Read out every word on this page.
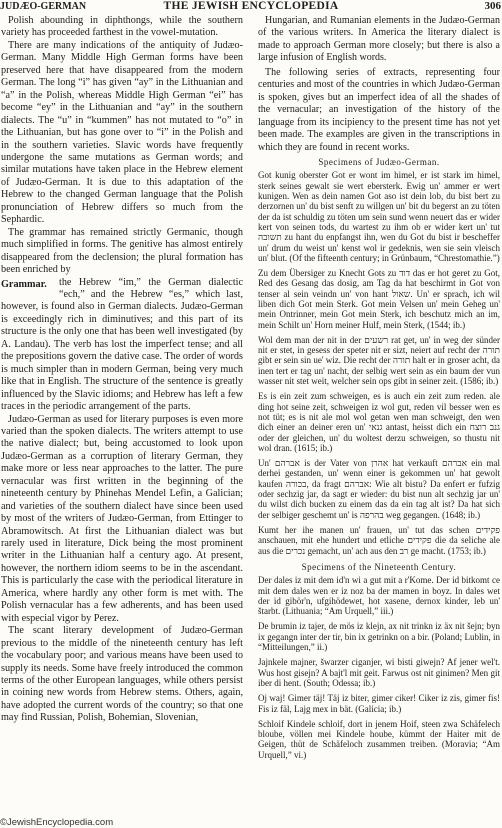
JUDÆO-GERMAN	THE JEWISH ENCYCLOPEDIA	306

Polish abounding in diphthongs, while the southern variety has proceeded farthest in the vowel-mutation.

There are many indications of the antiquity of Judæo-German. Many Middle High German forms have been preserved here that have disappeared from the modern German. The long “i” has given “ay” in the Lithuanian and “a” in the Polish, whereas Middle High German “ei” has become “ey” in the Lithuanian and “ay” in the southern dialects. The “u” in “kummen” has not mutated to “o” in the Lithuanian, but has gone over to “i” in the Polish and in the southern varieties. Slavic words have frequently undergone the same mutations as German words; and similar mutations have taken place in the Hebrew element of Judæo-German. It is due to this adaptation of the Hebrew to the changed German language that the Polish pronunciation of Hebrew differs so much from the Sephardic.

The grammar has remained strictly Germanic, though much simplified in forms. The genitive has almost entirely disappeared from the declension; the plural formation has been enriched by

Grammar.	the Hebrew “im,” the German dialectic “ech,” and the Hebrew “es,” which last, however, is found also in German dialects. Judæo-German is exceedingly rich in diminutives; and this part of its structure is the only one that has been well investigated (by A. Landau). The verb has lost the imperfect tense; and all the prepositions govern the dative case. The order of words is much simpler than in modern German, being very much like that in English. The structure of the sentence is greatly influenced by the Slavic idioms; and Hebrew has left a few traces in the periodic arrangement of the parts.

Judæo-German as used for literary purposes is even more varied than the spoken dialects. The writers attempt to use the native dialect; but, being accustomed to look upon Judæo-German as a corruption of literary German, they make more or less near approaches to the latter. The pure vernacular was first written in the beginning of the nineteenth century by Phinehas Mendel Lefin, a Galician; and varieties of the southern dialect have since been used by most of the writers of Judæo-German, from Ettinger to Abramowitsch. At first the Lithuanian dialect was but rarely used in literature, Dick being the most prominent writer in the Lithuanian half a century ago. At present, however, the northern idiom seems to be in the ascendant. This is particularly the case with the periodical literature in America, where hardly any other form is met with. The Polish vernacular has a few adherents, and has been used with especial vigor by Perez.

The scant literary development of Judæo-German previous to the middle of the nineteenth century has left the vocabulary poor; and various means have been used to supply its needs. Some have freely introduced the common terms of the other European languages, while others persist in coining new words from Hebrew stems. Others, again, have adopted the current words of the country; so that one may find Russian, Polish, Bohemian, Slovenian,

Hungarian, and Rumanian elements in the Judæo-German of the various writers. In America the literary dialect is made to approach German more closely; but there is also a large infusion of English words.

The following series of extracts, representing four centuries and most of the countries in which Judæo-German is spoken, gives but an imperfect idea of all the shades of the vernacular; an investigation of the history of the language from its incipiency to the present time has not yet been made. The examples are given in the transcriptions in which they are found in recent works.

Specimens of Judæo-German.

Got kunig oberster Got er wont im himel, er ist stark im himel, sterk seines gewalt sie wert ebersterk. Ewig un' ammer er wert kunigen. Wen as dein namen Got aso ist dein lob, du bist bert zu derzornen un' du bist senft zu willgen un' bit du begerst an zu töten der da ist schuldig zu töten um sein sund wenn neuert das er wider kert von seinen tods, du wartest zu ihm ob er wider kert un' tut תשובה zu hant du enpfangst ihn, wen du Got du bist ir bescheffer un' drum du weist un' kenst wol ir gedeknis, wen sie sein vleisch un' blut. (Of the fifteenth century; in Grünbaum, “Chrestomathie.”)

Zu dem Übersiger zu Knecht Gots zu דוד das er hot geret zu Got, Red des Gesang das dosig, am Tag da hat beschirmt in Got von tenser al sein veindn un' von hant שאול. Un' er sprach, ich wil liben dich Got mein Sterk. Got mein Velsen un' mein Geheg un' mein Ontrinner, mein Got mein Sterk, ich beschutz mich an im, mein Schilt un' Horn meiner Hulf, mein Sterk, (1544; ib.)

Wol dem man der nit in der רשעים rat get, un' in weg der sünder nit er stet, in gesess der speter nit er sizt, neiert auf recht der תורה gibt er sein sin ue' wiz. Die recht der תורה halt er in groser acht, da inen tert er tag un' nacht, der selbig wert sein as ein baum der vun wasser nit stet weit, welcher sein ops gibt in seiner zeit. (1586; ib.)

Es is ein zeit zum schweigen, es is auch ein zeit zum reden. ale ding hot seine zeit, schweigen iz wol gut, reden vil besser wen es not tüt; es is nit ale mol wol getan wen man schweigt, den wen dich einer an deiner eren un' גנאי antast, heisst dich ein גנב רוצח oder der gleichen, un' du woltest derzu schweigen, so thustu nit wol dran. (1615; ib.)

Un' אברהם is der Vater von אהרן hat verkauft ‎אברהם‎ ein mal derhei gestanden, un' wenn einer is gekommen un' hat gewolt kaufen בכורה, da fragt אברהם: Wie alt bistu? Da enfert er fufzig oder sechzig jar, da sagt er wieder: du bist nun alt sechzig jar un' du wilst dich bucken zu einem das da ein tag alt ist? Da hat sich der selbiger geschemt un' is בהרפה weg gegangen. (1648; ib.)

Kumt her ihe manen un' frauen, un' tut das schen פקידים anschauen, mit ehe hundert und etliche פקידים die da seliche ale aus die נכרים gemacht, un' ach aus den רב ge macht. (1753; ib.)

Specimens of the Nineteenth Century.

Der dales iz mit dem id'n wi a gut mit a r'Kome. Der id bitkomt ce mit dem dales wen er iz noz ba der mamen in boyz. In dales wet der id gibör'n, ufgihödewet, hot xasene, dernox kinder, leb un' štarbt. (Lithuania; “Am Urquell,” iii.)

De brumin iz tajer, de mös iz klejn, ax nit trinkn iz äx nit šejn; byn ix gegangn inter der tir, bin ix getrinkn on a bir. (Poland; Lublin, in “Mitteilungen,” ii.)

Jajnkele majner, šwarzer ciganjer, wi bisti giwejn? Af jener wel't. Wus host gisejn? A bajt'l mit geit. Farwus ost nit ginimen? Men git iber di hent. (South; Odessa; ib.)

Oj waj! Gimer täj! Täj iz biter, gimer ciker! Ciker iz zis, gimer fis! Fis iz fäl, Lajg mex in bät. (Galicia; ib.)

Schloif Kindele schloif, dort in jenem Hoif, steen zwa Schäfelech bloube, völlen mei Kindele hoube, kümmt der Haiter mit de Geigen, thüt de Schäfeloch zusammen treiben. (Moravia; “Am Urquell,” vi.)

©JewishEncyclopedia.com
